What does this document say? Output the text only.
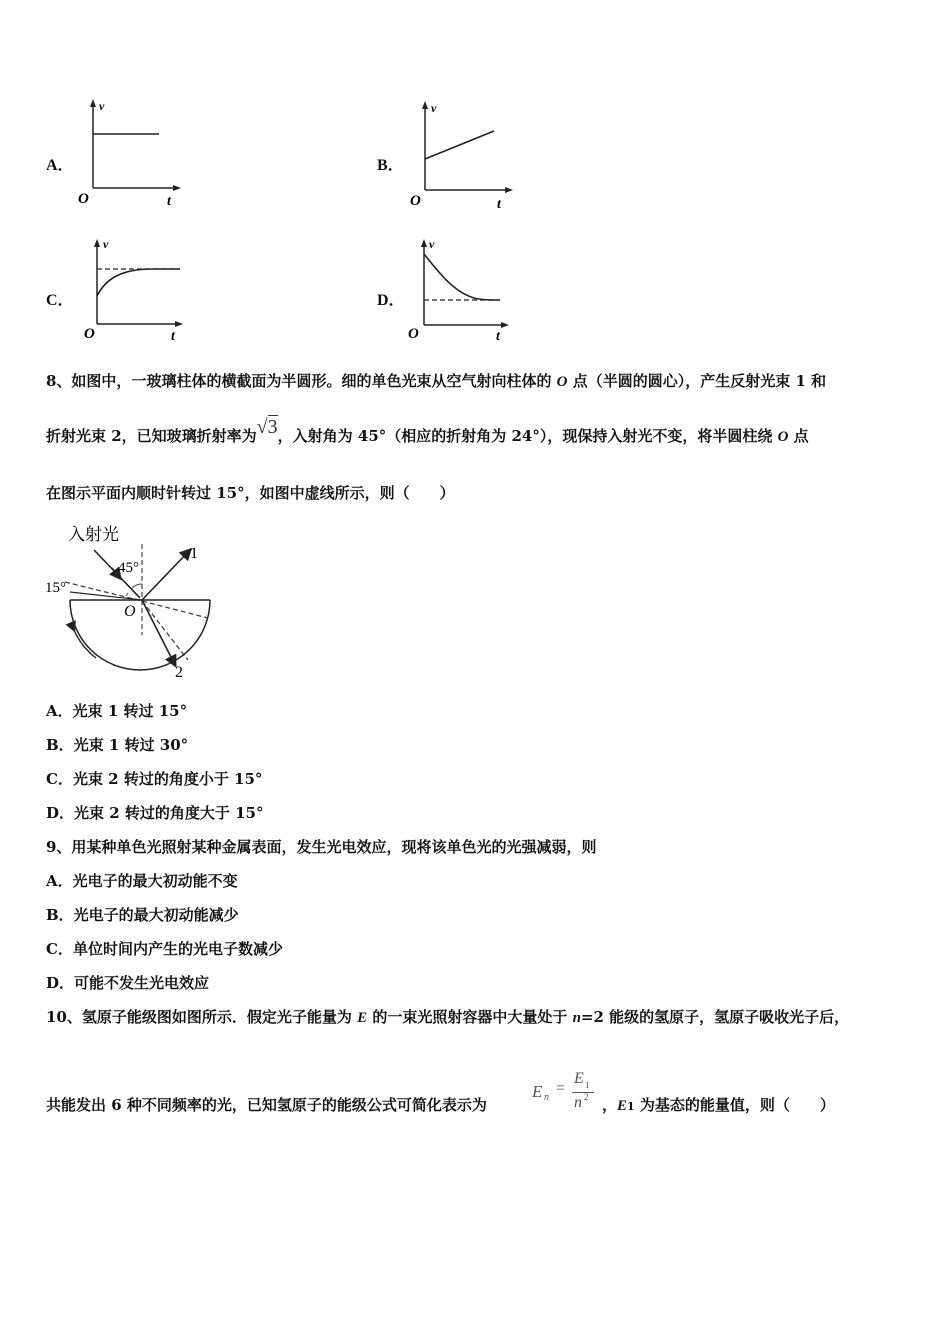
A．	B．
C．	D．
v
O	t
v
O	t
v
O	t
v
O	t
8、如图中，一玻璃柱体的横截面为半圆形。细的单色光束从空气射向柱体的 O 点（半圆的圆心），产生反射光束 1 和
折射光束 2，已知玻璃折射率为√3，入射角为 45°（相应的折射角为 24°），现保持入射光不变，将半圆柱绕 O 点
在图示平面内顺时针转过 15°，如图中虚线所示，则（　　）
入射光
45°
15°
1
2
O
A．光束 1 转过 15°
B．光束 1 转过 30°
C．光束 2 转过的角度小于 15°
D．光束 2 转过的角度大于 15°
9、用某种单色光照射某种金属表面，发生光电效应，现将该单色光的光强减弱，则
A．光电子的最大初动能不变
B．光电子的最大初动能减少
C．单位时间内产生的光电子数减少
D．可能不发生光电效应
10、氢原子能级图如图所示．假定光子能量为 E 的一束光照射容器中大量处于 n=2 能级的氢原子，氢原子吸收光子后，
共能发出 6 种不同频率的光，已知氢原子的能级公式可简化表示为
E n
=
E 1
n 2 ，E1 为基态的能量值，则（　　）
